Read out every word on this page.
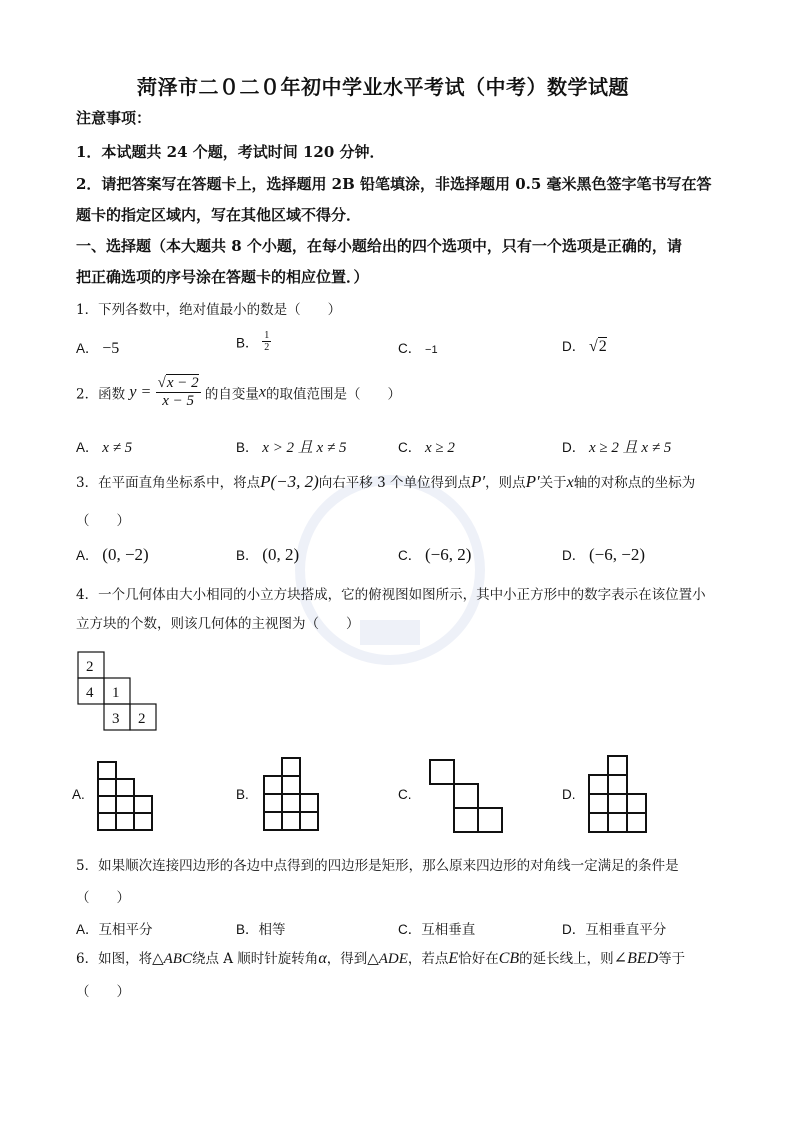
菏泽市二０二０年初中学业水平考试（中考）数学试题
注意事项：
1．本试题共 24 个题，考试时间 120 分钟．
2．请把答案写在答题卡上，选择题用 2B 铅笔填涂，非选择题用 0.5 毫米黑色签字笔书写在答
题卡的指定区域内，写在其他区域不得分．
一、选择题（本大题共 8 个小题，在每小题给出的四个选项中，只有一个选项是正确的，请
把正确选项的序号涂在答题卡的相应位置．）
1．下列各数中，绝对值最小的数是（　　）
A． −5	B． $\frac{1}{2}$	C． −1	D． √2
2．函数 $y = \frac{√x - 2}{x - 5}$ 的自变量x的取值范围是（　　）
A． x ≠ 5	B． x > 2 且 x ≠ 5	C． x ≥ 2	D． x ≥ 2 且 x ≠ 5
3．在平面直角坐标系中，将点P(−3, 2)向右平移 3 个单位得到点P′，则点P′关于x轴的对称点的坐标为
（　　）
A． (0, −2)	B． (0, 2)	C． (−6, 2)	D． (−6, −2)
4．一个几何体由大小相同的小立方块搭成，它的俯视图如图所示，其中小正方形中的数字表示在该位置小
立方块的个数，则该几何体的主视图为（　　）
2
4 1
3 2
A.	B.	C.	D.
5．如果顺次连接四边形的各边中点得到的四边形是矩形，那么原来四边形的对角线一定满足的条件是
（　　）
A．互相平分	B．相等	C．互相垂直	D．互相垂直平分
6．如图，将△ABC绕点 A 顺时针旋转角α，得到△ADE，若点E恰好在CB的延长线上，则∠BED等于
（　　）
